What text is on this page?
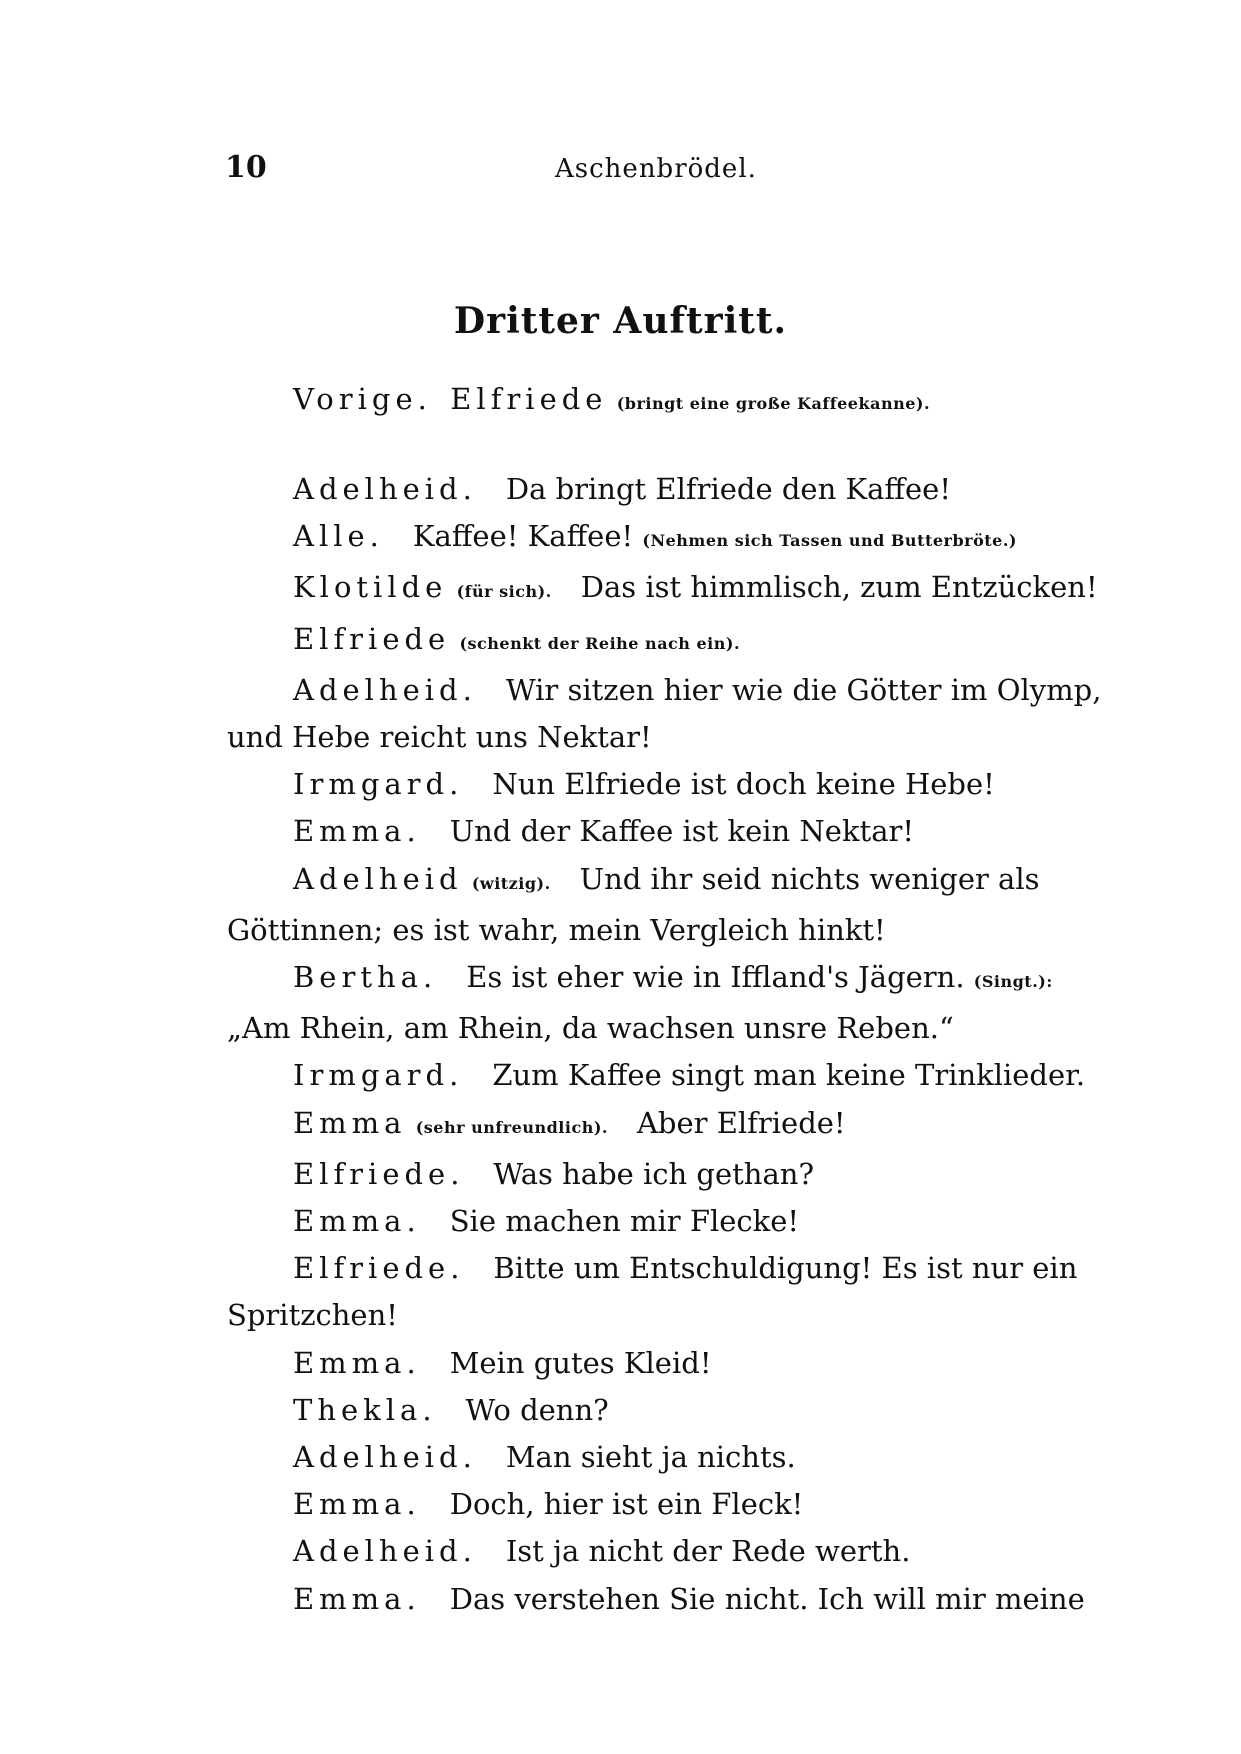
10	Aschenbrödel.
Dritter Auftritt.
Vorige. Elfriede (bringt eine große Kaffeekanne).
Adelheid.  Da bringt Elfriede den Kaffee!
Alle.  Kaffee! Kaffee! (Nehmen sich Tassen und Butterbröte.)
Klotilde (für sich).  Das ist himmlisch, zum Entzücken!
Elfriede (schenkt der Reihe nach ein).
Adelheid.  Wir sitzen hier wie die Götter im Olymp,
und Hebe reicht uns Nektar!
Irmgard.  Nun Elfriede ist doch keine Hebe!
Emma.  Und der Kaffee ist kein Nektar!
Adelheid (witzig).  Und ihr seid nichts weniger als
Göttinnen; es ist wahr, mein Vergleich hinkt!
Bertha.  Es ist eher wie in Iffland's Jägern. (Singt.):
„Am Rhein, am Rhein, da wachsen unsre Reben.“
Irmgard.  Zum Kaffee singt man keine Trinklieder.
Emma (sehr unfreundlich).  Aber Elfriede!
Elfriede.  Was habe ich gethan?
Emma.  Sie machen mir Flecke!
Elfriede.  Bitte um Entschuldigung! Es ist nur ein
Spritzchen!
Emma.  Mein gutes Kleid!
Thekla.  Wo denn?
Adelheid.  Man sieht ja nichts.
Emma.  Doch, hier ist ein Fleck!
Adelheid.  Ist ja nicht der Rede werth.
Emma.  Das verstehen Sie nicht. Ich will mir meine
